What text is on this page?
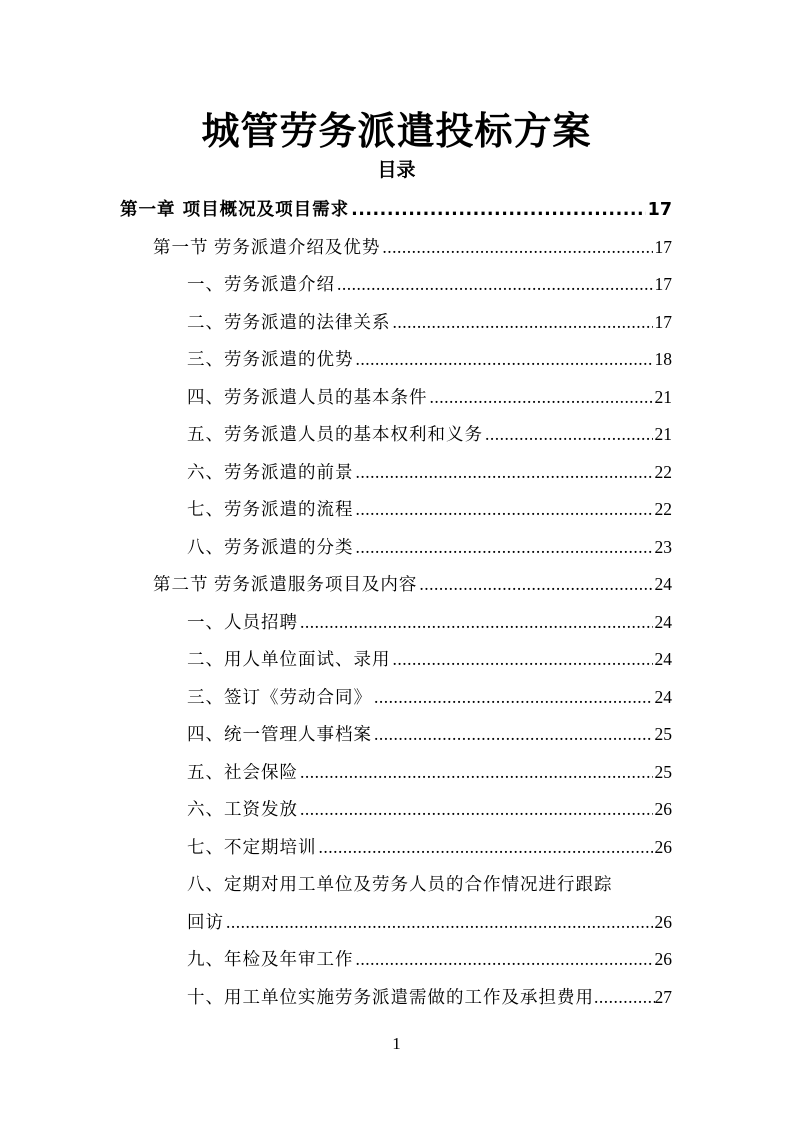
城管劳务派遣投标方案
目录
第一章 项目概况及项目需求 .....	17
第一节 劳务派遣介绍及优势 .....	17
一、劳务派遣介绍 .....	17
二、劳务派遣的法律关系 .....	17
三、劳务派遣的优势 .....	18
四、劳务派遣人员的基本条件 .....	21
五、劳务派遣人员的基本权利和义务 .....	21
六、劳务派遣的前景 .....	22
七、劳务派遣的流程 .....	22
八、劳务派遣的分类 .....	23
第二节 劳务派遣服务项目及内容 .....	24
一、人员招聘 .....	24
二、用人单位面试、录用 .....	24
三、签订《劳动合同》 .....	24
四、统一管理人事档案 .....	25
五、社会保险 .....	25
六、工资发放 .....	26
七、不定期培训 .....	26
八、定期对用工单位及劳务人员的合作情况进行跟踪
回访 .....	26
九、年检及年审工作 .....	26
十、用工单位实施劳务派遣需做的工作及承担费用 .....	27
1
